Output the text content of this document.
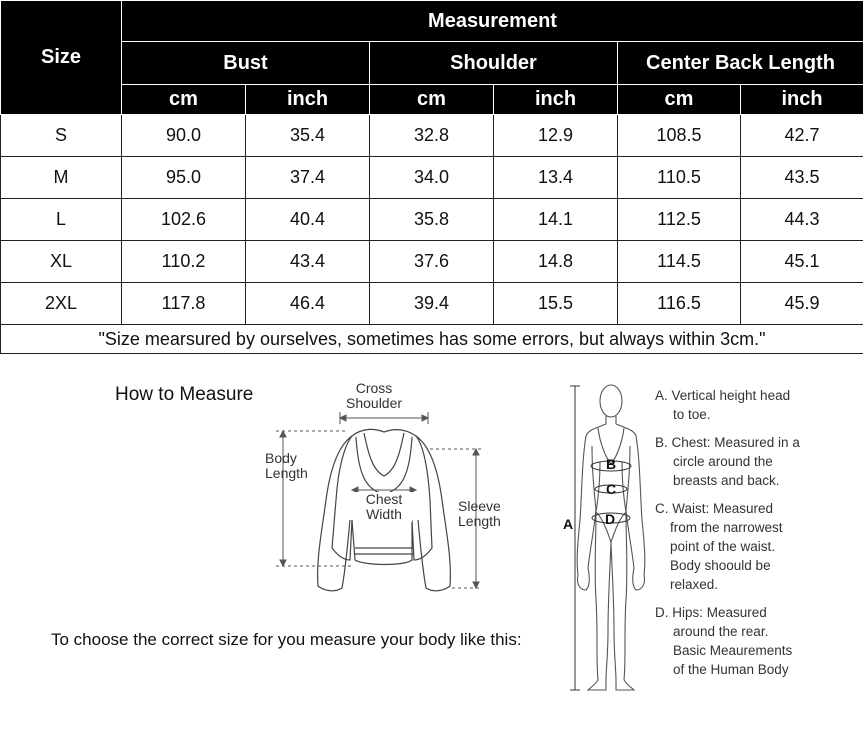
Size	Measurement					
	Bust		Shoulder		Center Back Length	
	cm	inch	cm	inch	cm	inch
S	90.0	35.4	32.8	12.9	108.5	42.7
M	95.0	37.4	34.0	13.4	110.5	43.5
L	102.6	40.4	35.8	14.1	112.5	44.3
XL	110.2	43.4	37.6	14.8	114.5	45.1
2XL	117.8	46.4	39.4	15.5	116.5	45.9
"Size mearsured by ourselves, sometimes has some errors, but always within 3cm."						
How to Measure	Cross
Shoulder
Body
Length
Chest
Width	Sleeve
Length
To choose the correct size for you measure your body like this:
A
B
C
D

A. Vertical height head
to toe.

B. Chest: Measured in a
circle around the
breasts and back.

C. Waist: Measured
from the narrowest
point of the waist.
Body shoould be
relaxed.

D. Hips: Measured
around the rear.
Basic Meaurements
of the Human Body
